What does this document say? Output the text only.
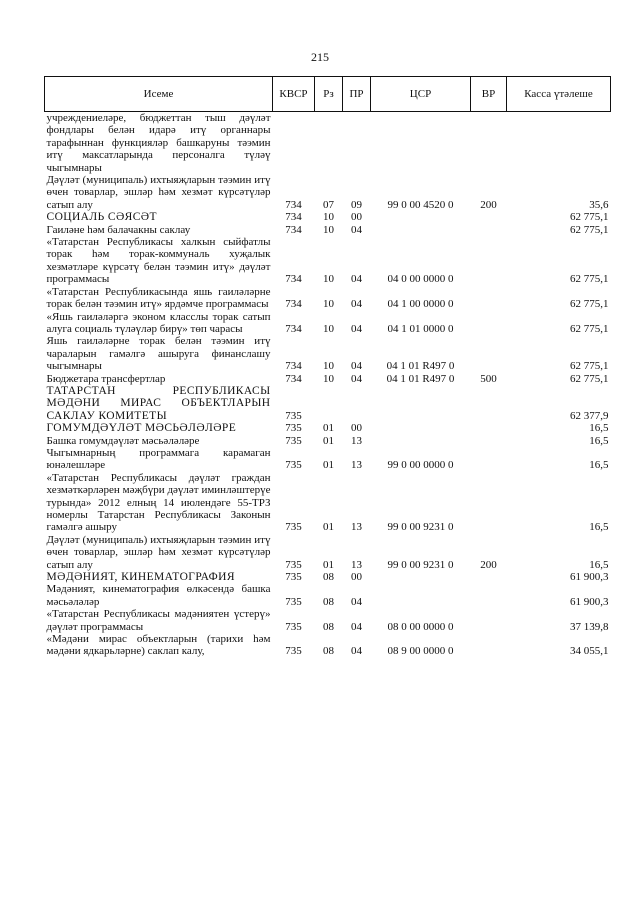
215
Исеме	КВСР	Рз	ПР	ЦСР	ВР	Касса үтәлеше
учреждениеләре, бюджеттан тыш дәүләт фондлары белән идарә итү органнары тарафыннан функцияләр башкаруны тәэмин итү максатларында персоналга түләү чыгымнары						
Дәүләт (муниципаль) ихтыяҗларын тәэмин итү өчен товарлар, эшләр һәм хезмәт күрсәтүләр сатып алу	734	07	09	99 0 00 4520 0	200	35,6
СОЦИАЛЬ СӘЯСӘТ	734	10	00			62 775,1
Гаиләне һәм балачакны саклау	734	10	04			62 775,1
«Татарстан Республикасы халкын сыйфатлы торак һәм торак-коммуналь хуҗалык хезмәтләре күрсәтү белән тәэмин итү» дәүләт программасы	734	10	04	04 0 00 0000 0		62 775,1
«Татарстан Республикасында яшь гаиләләрне торак белән тәэмин итү» ярдәмче программасы	734	10	04	04 1 00 0000 0		62 775,1
«Яшь гаиләләргә эконом класслы торак сатып алуга социаль түләүләр бирү» төп чарасы	734	10	04	04 1 01 0000 0		62 775,1
Яшь гаиләләрне торак белән тәэмин итү чараларын гамәлгә ашыруга финанслашу чыгымнары	734	10	04	04 1 01 R497 0		62 775,1
Бюджетара трансфертлар	734	10	04	04 1 01 R497 0	500	62 775,1
ТАТАРСТАН РЕСПУБЛИКАСЫ МӘДӘНИ МИРАС ОБЪЕКТЛАРЫН САКЛАУ КОМИТЕТЫ	735					62 377,9
ГОМУМДӘҮЛӘТ МӘСЬӘЛӘЛӘРЕ	735	01	00			16,5
Башка гомумдәүләт мәсьәләләре	735	01	13			16,5
Чыгымнарның программага карамаган юнәлешләре	735	01	13	99 0 00 0000 0		16,5
«Татарстан Республикасы дәүләт граждан хезмәткәрләрен мәҗбүри дәүләт иминләштерүе турында» 2012 елның 14 июлендәге 55-ТРЗ номерлы Татарстан Республикасы Законын гамәлгә ашыру	735	01	13	99 0 00 9231 0		16,5
Дәүләт (муниципаль) ихтыяҗларын тәэмин итү өчен товарлар, эшләр һәм хезмәт күрсәтүләр сатып алу	735	01	13	99 0 00 9231 0	200	16,5
МӘДӘНИЯТ, КИНЕМАТОГРАФИЯ	735	08	00			61 900,3
Мәдәният, кинематография өлкәсендә башка мәсьәләләр	735	08	04			61 900,3
«Татарстан Республикасы мәдәниятен үстерү» дәүләт программасы	735	08	04	08 0 00 0000 0		37 139,8
«Мәдәни мирас объектларын (тарихи һәм мәдәни ядкарьләрне) саклап калу,	735	08	04	08 9 00 0000 0		34 055,1
